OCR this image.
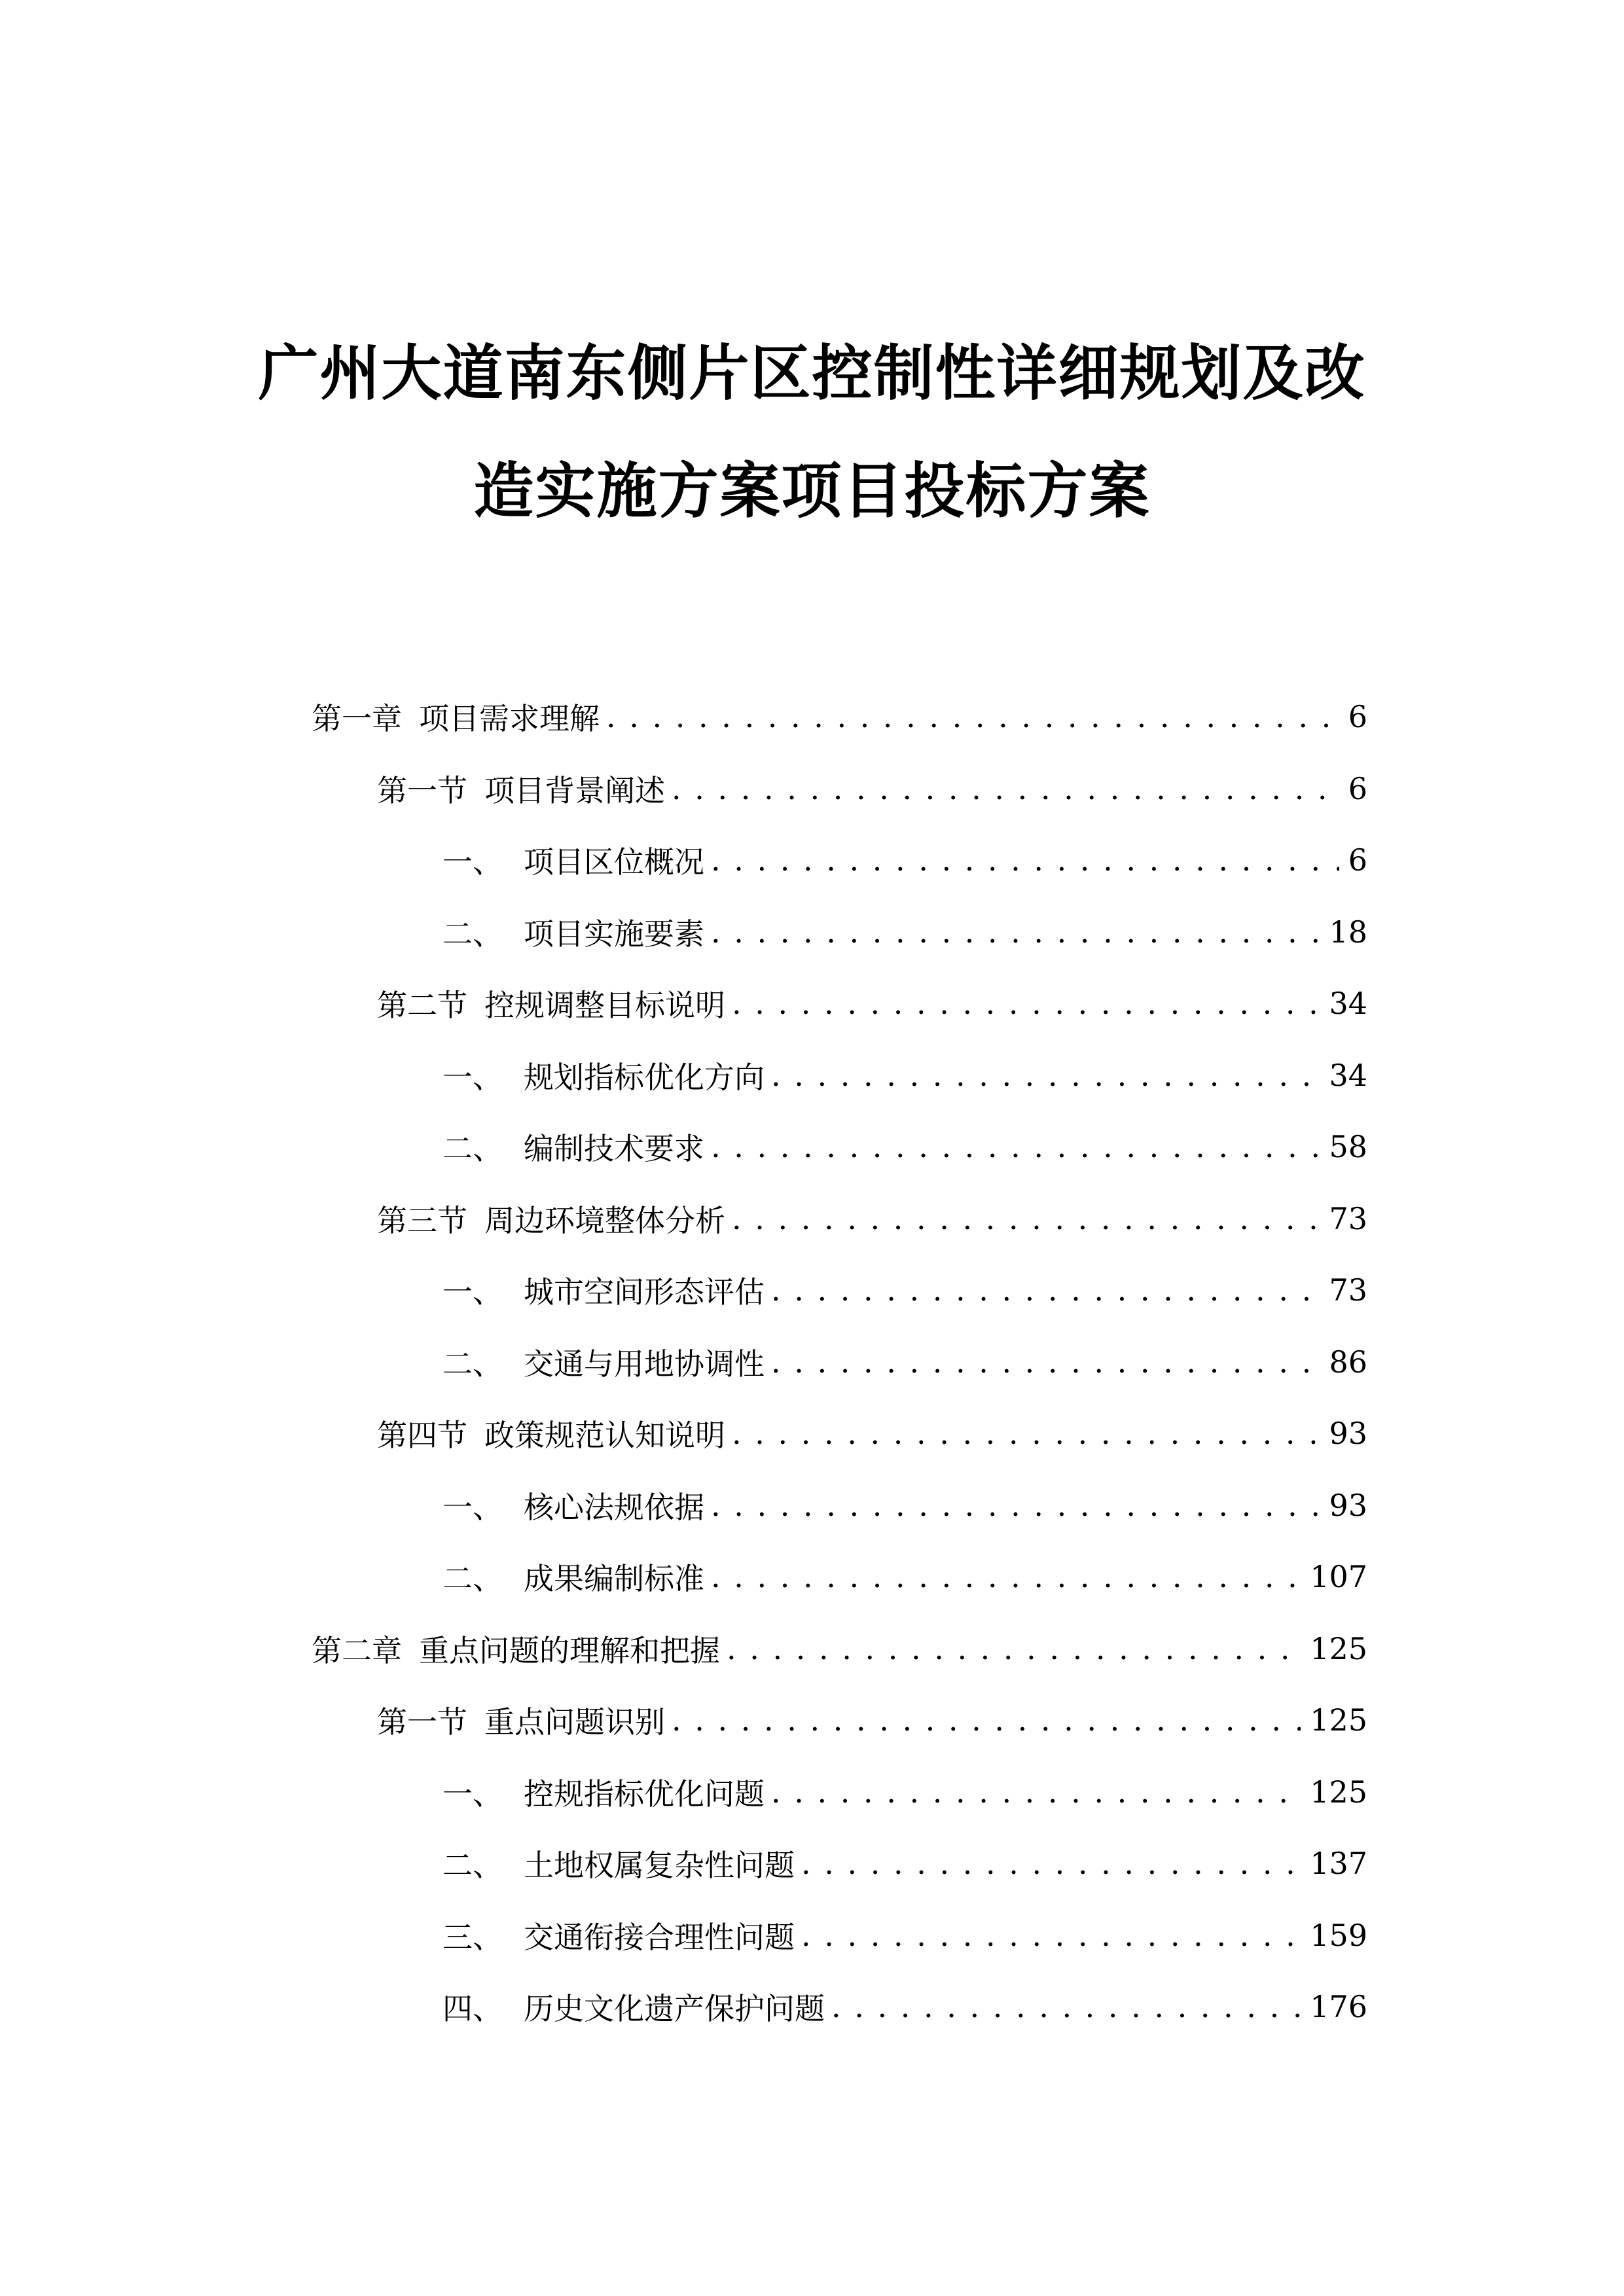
广州大道南东侧片区控制性详细规划及改
造实施方案项目投标方案
第一章 项目需求理解 . . .	6
第一节 项目背景阐述 . . .	6
一、 项目区位概况 . . .	6
二、 项目实施要素 . . .	18
第二节 控规调整目标说明 . . .	34
一、 规划指标优化方向 . . .	34
二、 编制技术要求 . . .	58
第三节 周边环境整体分析 . . .	73
一、 城市空间形态评估 . . .	73
二、 交通与用地协调性 . . .	86
第四节 政策规范认知说明 . . .	93
一、 核心法规依据 . . .	93
二、 成果编制标准 . . .	107
第二章 重点问题的理解和把握 . . .	125
第一节 重点问题识别 . . .	125
一、 控规指标优化问题 . . .	125
二、 土地权属复杂性问题 . . .	137
三、 交通衔接合理性问题 . . .	159
四、 历史文化遗产保护问题 . . .	176
